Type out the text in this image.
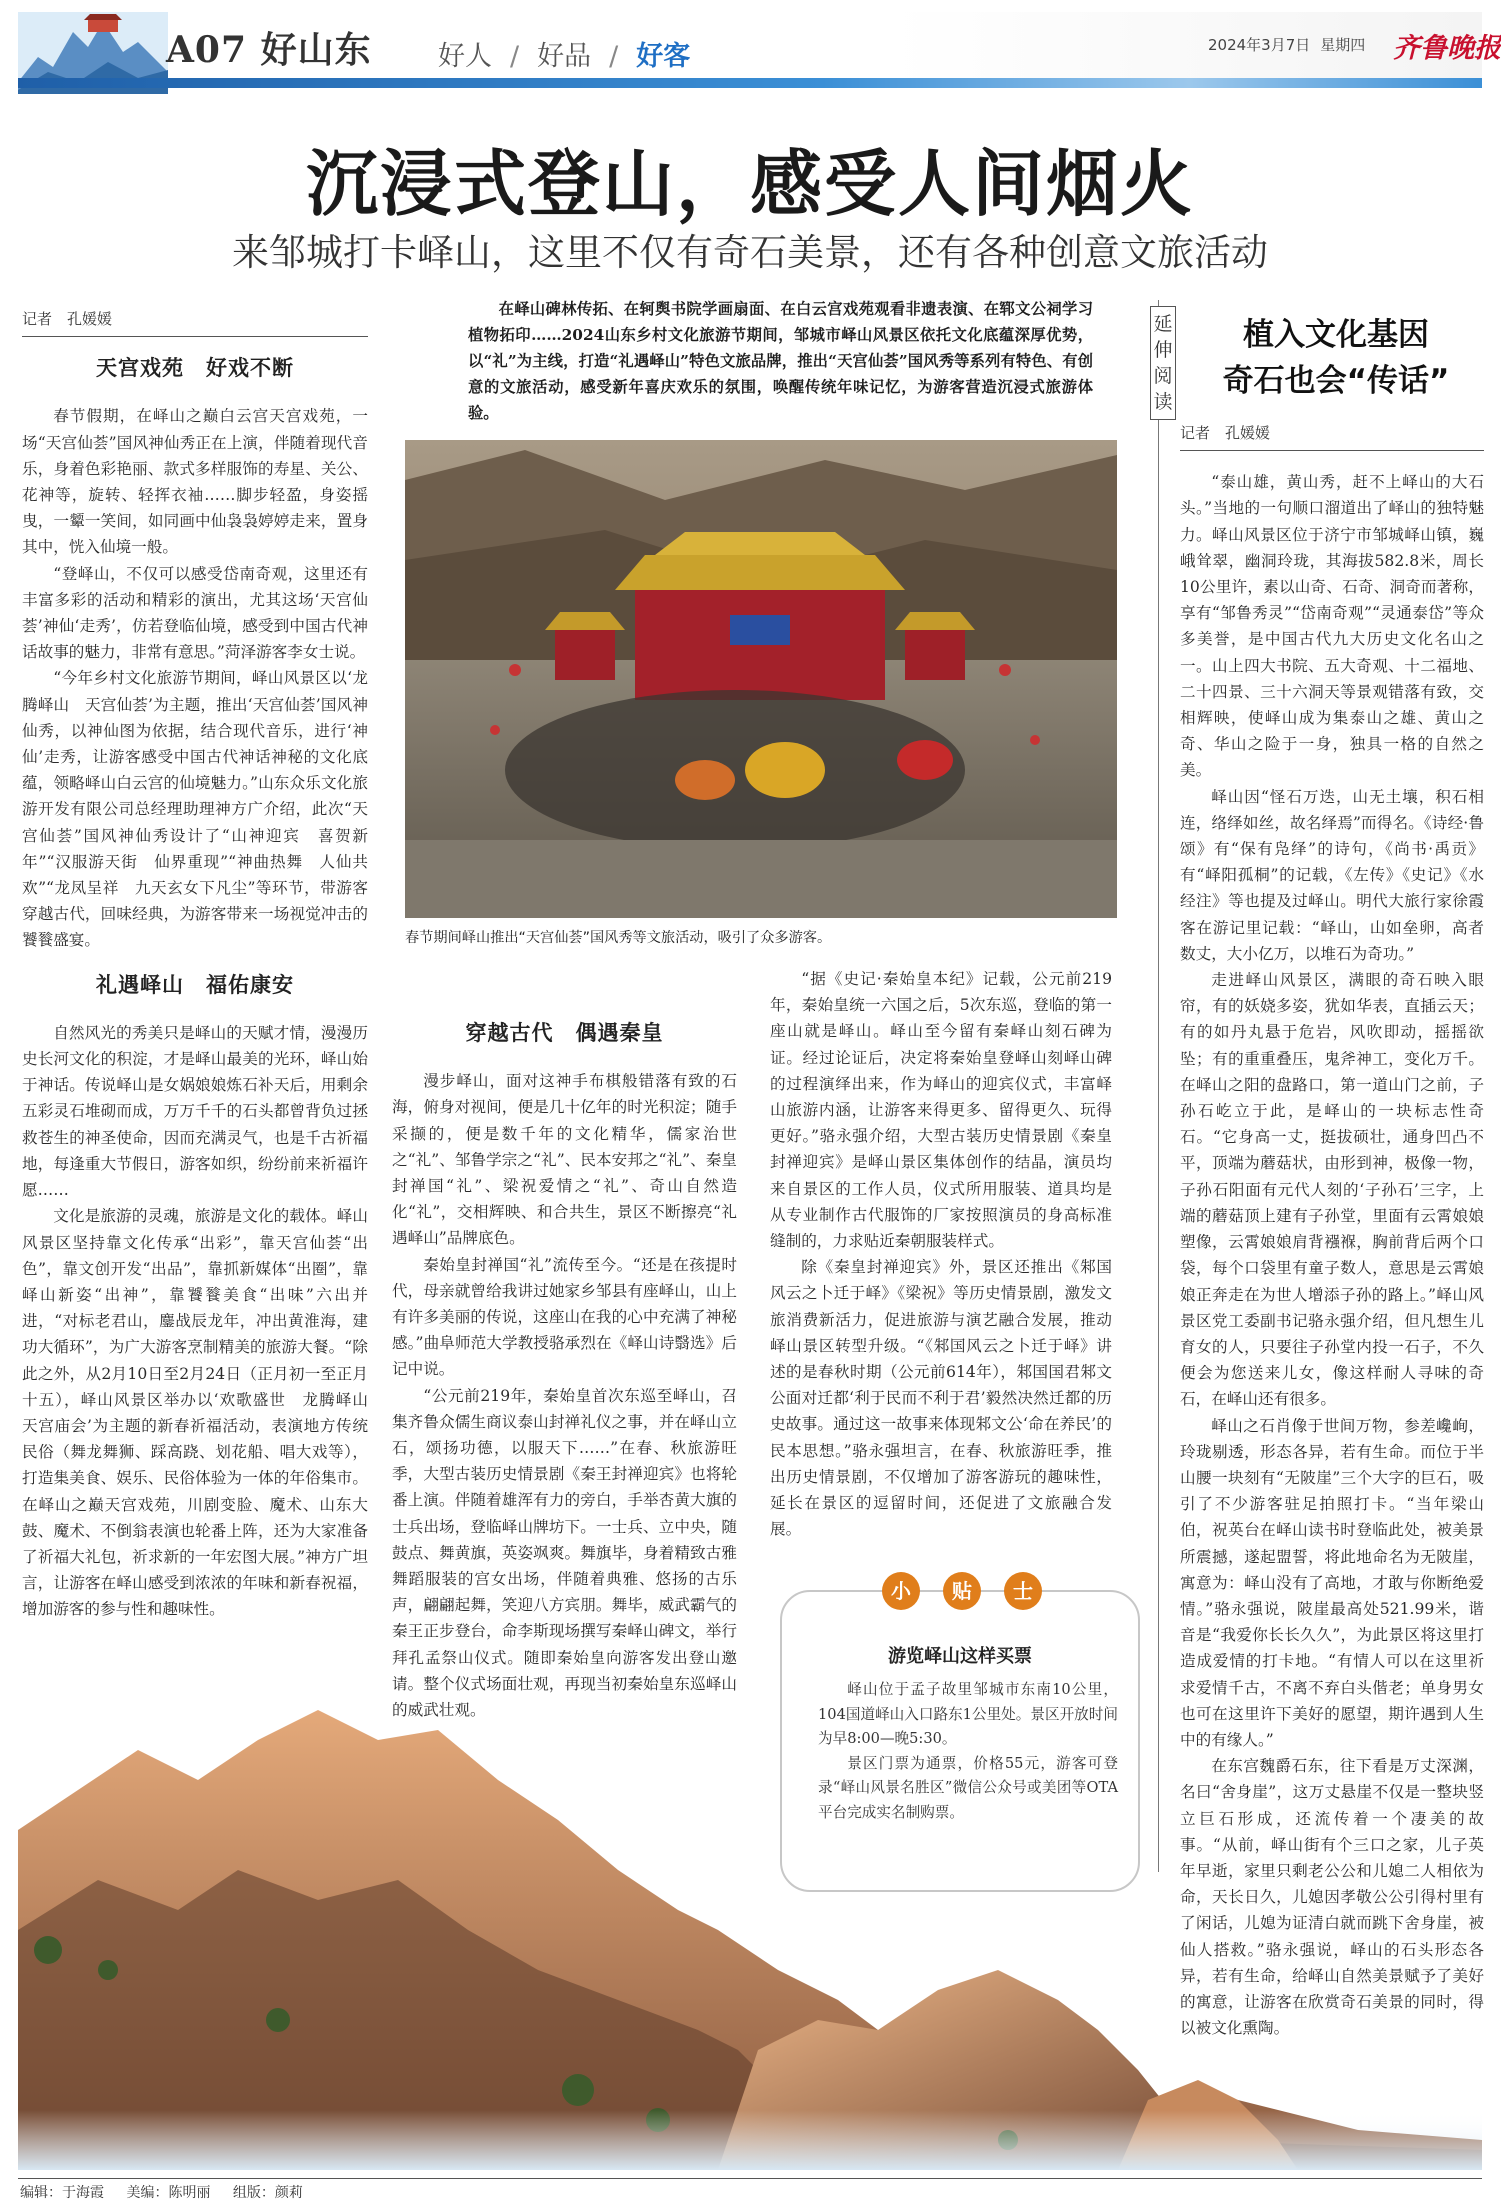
A07 好山东 好人 / 好品 / 好客	2024年3月7日 星期四	齐鲁晚报
沉浸式登山，感受人间烟火
来邹城打卡峄山，这里不仅有奇石美景，还有各种创意文旅活动
记者　孔媛媛
天宫戏苑　好戏不断

春节假期，在峄山之巅白云宫天宫戏苑，一场“天宫仙荟”国风神仙秀正在上演，伴随着现代音乐，身着色彩艳丽、款式多样服饰的寿星、关公、花神等，旋转、轻挥衣袖……脚步轻盈，身姿摇曳，一颦一笑间，如同画中仙袅袅婷婷走来，置身其中，恍入仙境一般。

“登峄山，不仅可以感受岱南奇观，这里还有丰富多彩的活动和精彩的演出，尤其这场‘天宫仙荟’神仙‘走秀’，仿若登临仙境，感受到中国古代神话故事的魅力，非常有意思。”菏泽游客李女士说。

“今年乡村文化旅游节期间，峄山风景区以‘龙腾峄山　天宫仙荟’为主题，推出‘天宫仙荟’国风神仙秀，以神仙图为依据，结合现代音乐，进行‘神仙’走秀，让游客感受中国古代神话神秘的文化底蕴，领略峄山白云宫的仙境魅力。”山东众乐文化旅游开发有限公司总经理助理神方广介绍，此次“天宫仙荟”国风神仙秀设计了“山神迎宾　喜贺新年”“汉服游天街　仙界重现”“神曲热舞　人仙共欢”“龙凤呈祥　九天玄女下凡尘”等环节，带游客穿越古代，回味经典，为游客带来一场视觉冲击的饕餮盛宴。

礼遇峄山　福佑康安

自然风光的秀美只是峄山的天赋才情，漫漫历史长河文化的积淀，才是峄山最美的光环，峄山始于神话。传说峄山是女娲娘娘炼石补天后，用剩余五彩灵石堆砌而成，万万千千的石头都曾背负过拯救苍生的神圣使命，因而充满灵气，也是千古祈福地，每逢重大节假日，游客如织，纷纷前来祈福许愿……

文化是旅游的灵魂，旅游是文化的载体。峄山风景区坚持靠文化传承“出彩”，靠天宫仙荟“出色”，靠文创开发“出品”，靠抓新媒体“出圈”，靠峄山新姿“出神”，靠饕餮美食“出味”六出并进，“对标老君山，鏖战辰龙年，冲出黄淮海，建功大循环”，为广大游客烹制精美的旅游大餐。“除此之外，从2月10日至2月24日（正月初一至正月十五），峄山风景区举办以‘欢歌盛世　龙腾峄山　天宫庙会’为主题的新春祈福活动，表演地方传统民俗（舞龙舞狮、踩高跷、划花船、唱大戏等），打造集美食、娱乐、民俗体验为一体的年俗集市。在峄山之巅天宫戏苑，川剧变脸、魔术、山东大鼓、魔术、不倒翁表演也轮番上阵，还为大家准备了祈福大礼包，祈求新的一年宏图大展。”神方广坦言，让游客在峄山感受到浓浓的年味和新春祝福，增加游客的参与性和趣味性。

在峄山碑林传拓、在轲舆书院学画扇面、在白云宫戏苑观看非遗表演、在郓文公祠学习植物拓印……2024山东乡村文化旅游节期间，邹城市峄山风景区依托文化底蕴深厚优势，以“礼”为主线，打造“礼遇峄山”特色文旅品牌，推出“天宫仙荟”国风秀等系列有特色、有创意的文旅活动，感受新年喜庆欢乐的氛围，唤醒传统年味记忆，为游客营造沉浸式旅游体验。

春节期间峄山推出“天宫仙荟”国风秀等文旅活动，吸引了众多游客。
穿越古代　偶遇秦皇

漫步峄山，面对这神手布棋般错落有致的石海，俯身对视间，便是几十亿年的时光积淀；随手采撷的，便是数千年的文化精华，儒家治世之“礼”、邹鲁学宗之“礼”、民本安邦之“礼”、秦皇封禅国“礼”、梁祝爱情之“礼”、奇山自然造化“礼”，交相辉映、和合共生，景区不断擦亮“礼遇峄山”品牌底色。

秦始皇封禅国“礼”流传至今。“还是在孩提时代，母亲就曾给我讲过她家乡邹县有座峄山，山上有许多美丽的传说，这座山在我的心中充满了神秘感。”曲阜师范大学教授骆承烈在《峄山诗翳选》后记中说。

“公元前219年，秦始皇首次东巡至峄山，召集齐鲁众儒生商议泰山封禅礼仪之事，并在峄山立石，颂扬功德，以服天下……”在春、秋旅游旺季，大型古装历史情景剧《秦王封禅迎宾》也将轮番上演。伴随着雄浑有力的旁白，手举杏黄大旗的士兵出场，登临峄山牌坊下。一士兵、立中央，随鼓点、舞黄旗，英姿飒爽。舞旗毕，身着精致古雅舞蹈服装的宫女出场，伴随着典雅、悠扬的古乐声，翩翩起舞，笑迎八方宾朋。舞毕，威武霸气的秦王正步登台，命李斯现场撰写秦峄山碑文，举行拜孔孟祭山仪式。随即秦始皇向游客发出登山邀请。整个仪式场面壮观，再现当初秦始皇东巡峄山的威武壮观。

“据《史记·秦始皇本纪》记载，公元前219年，秦始皇统一六国之后，5次东巡，登临的第一座山就是峄山。峄山至今留有秦峄山刻石碑为证。经过论证后，决定将秦始皇登峄山刻峄山碑的过程演绎出来，作为峄山的迎宾仪式，丰富峄山旅游内涵，让游客来得更多、留得更久、玩得更好。”骆永强介绍，大型古装历史情景剧《秦皇封禅迎宾》是峄山景区集体创作的结晶，演员均来自景区的工作人员，仪式所用服装、道具均是从专业制作古代服饰的厂家按照演员的身高标准缝制的，力求贴近秦朝服装样式。

除《秦皇封禅迎宾》外，景区还推出《邾国风云之卜迁于峄》《梁祝》等历史情景剧，激发文旅消费新活力，促进旅游与演艺融合发展，推动峄山景区转型升级。“《邾国风云之卜迁于峄》讲述的是春秋时期（公元前614年），邾国国君邾文公面对迁都‘利于民而不利于君’毅然决然迁都的历史故事。通过这一故事来体现邾文公‘命在养民’的民本思想。”骆永强坦言，在春、秋旅游旺季，推出历史情景剧，不仅增加了游客游玩的趣味性，延长在景区的逗留时间，还促进了文旅融合发展。

小	贴	士
游览峄山这样买票

峄山位于孟子故里邹城市东南10公里，104国道峄山入口路东1公里处。景区开放时间为早8:00—晚5:30。

景区门票为通票，价格55元，游客可登录“峄山风景名胜区”微信公众号或美团等OTA平台完成实名制购票。

延伸阅读
植入文化基因
奇石也会“传话”
记者　孔媛媛

“泰山雄，黄山秀，赶不上峄山的大石头。”当地的一句顺口溜道出了峄山的独特魅力。峄山风景区位于济宁市邹城峄山镇，巍峨耸翠，幽洞玲珑，其海拔582.8米，周长10公里许，素以山奇、石奇、洞奇而著称，享有“邹鲁秀灵”“岱南奇观”“灵通泰岱”等众多美誉，是中国古代九大历史文化名山之一。山上四大书院、五大奇观、十二福地、二十四景、三十六洞天等景观错落有致，交相辉映，使峄山成为集泰山之雄、黄山之奇、华山之险于一身，独具一格的自然之美。

峄山因“怪石万迭，山无土壤，积石相连，络绎如丝，故名绎焉”而得名。《诗经·鲁颂》有“保有凫绎”的诗句，《尚书·禹贡》有“峄阳孤桐”的记载，《左传》《史记》《水经注》等也提及过峄山。明代大旅行家徐霞客在游记里记载：“峄山，山如垒卵，高者数丈，大小亿万，以堆石为奇功。”

走进峄山风景区，满眼的奇石映入眼帘，有的妖娆多姿，犹如华表，直插云天；有的如丹丸悬于危岩，风吹即动，摇摇欲坠；有的重重叠压，鬼斧神工，变化万千。在峄山之阳的盘路口，第一道山门之前，子孙石屹立于此，是峄山的一块标志性奇石。“它身高一丈，挺拔硕壮，通身凹凸不平，顶端为蘑菇状，由形到神，极像一物，子孙石阳面有元代人刻的‘子孙石’三字，上端的蘑菇顶上建有子孙堂，里面有云霄娘娘塑像，云霄娘娘肩背襁褓，胸前背后两个口袋，每个口袋里有童子数人，意思是云霄娘娘正奔走在为世人增添子孙的路上。”峄山风景区党工委副书记骆永强介绍，但凡想生儿育女的人，只要往子孙堂内投一石子，不久便会为您送来儿女，像这样耐人寻味的奇石，在峄山还有很多。

峄山之石肖像于世间万物，参差巉峋，玲珑剔透，形态各异，若有生命。而位于半山腰一块刻有“无陂崖”三个大字的巨石，吸引了不少游客驻足拍照打卡。“当年梁山伯，祝英台在峄山读书时登临此处，被美景所震撼，遂起盟誓，将此地命名为无陂崖，寓意为：峄山没有了高地，才敢与你断绝爱情。”骆永强说，陂崖最高处521.99米，谐音是“我爱你长长久久”，为此景区将这里打造成爱情的打卡地。“有情人可以在这里祈求爱情千古，不离不弃白头偕老；单身男女也可在这里许下美好的愿望，期许遇到人生中的有缘人。”

在东宫魏爵石东，往下看是万丈深渊，名曰“舍身崖”，这万丈悬崖不仅是一整块竖立巨石形成，还流传着一个凄美的故事。“从前，峄山街有个三口之家，儿子英年早逝，家里只剩老公公和儿媳二人相依为命，天长日久，儿媳因孝敬公公引得村里有了闲话，儿媳为证清白就而跳下舍身崖，被仙人搭救。”骆永强说，峄山的石头形态各异，若有生命，给峄山自然美景赋予了美好的寓意，让游客在欣赏奇石美景的同时，得以被文化熏陶。

编辑：于海霞 美编：陈明丽 组版：颜莉
